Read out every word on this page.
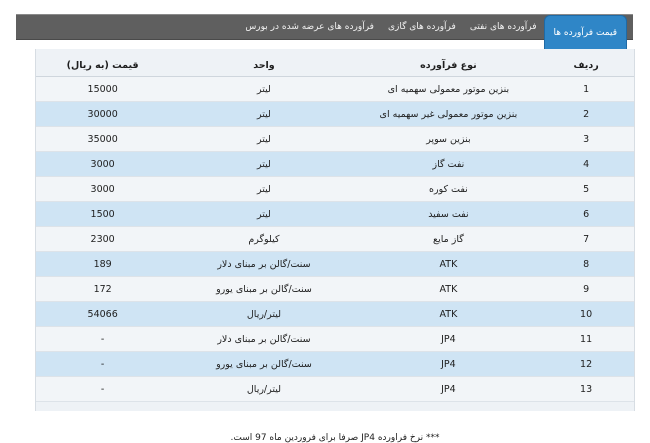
قیمت فرآورده ها
فرآورده های نفتی
فرآورده های گازی
فرآورده های عرضه شده در بورس
ردیف	نوع فرآورده	واحد	قیمت (به ریال)
1	بنزین موتور معمولی سهمیه ای	لیتر	15000
2	بنزین موتور معمولی غیر سهمیه ای	لیتر	30000
3	بنزین سوپر	لیتر	35000
4	نفت گاز	لیتر	3000
5	نفت کوره	لیتر	3000
6	نفت سفید	لیتر	1500
7	گاز مایع	کیلوگرم	2300
8	ATK	سنت/گالن بر مبنای دلار	189
9	ATK	سنت/گالن بر مبنای یورو	172
10	ATK	لیتر/ریال	54066
11	JP4	سنت/گالن بر مبنای دلار	-
12	JP4	سنت/گالن بر مبنای یورو	-
13	JP4	لیتر/ریال	-
*** نرخ فراورده JP4 صرفا برای فروردین ماه 97 است.
